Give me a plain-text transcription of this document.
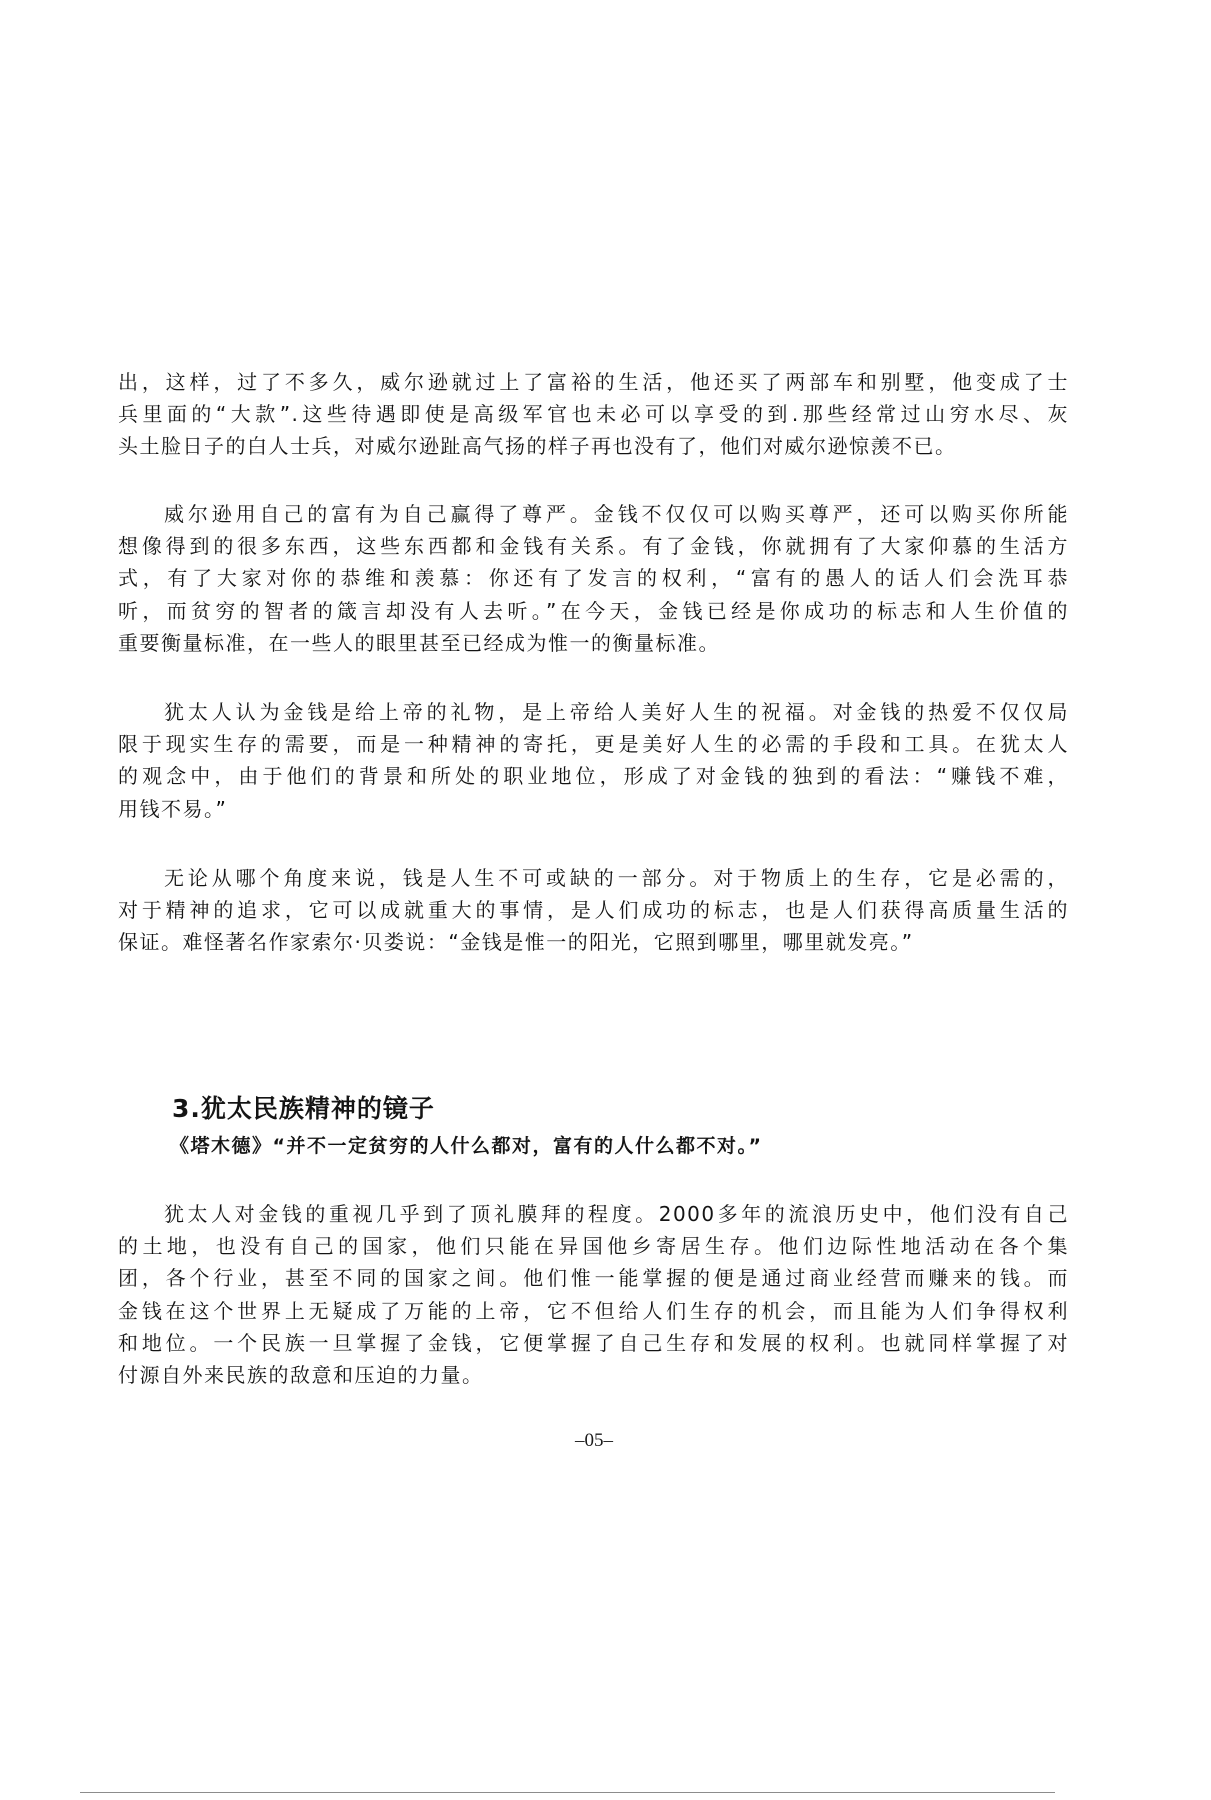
出，这样，过了不多久，威尔逊就过上了富裕的生活，他还买了两部车和别墅，他变成了士
兵里面的“大款”.这些待遇即使是高级军官也未必可以享受的到.那些经常过山穷水尽、灰
头土脸日子的白人士兵，对威尔逊趾高气扬的样子再也没有了，他们对威尔逊惊羡不已。
威尔逊用自己的富有为自己赢得了尊严。金钱不仅仅可以购买尊严，还可以购买你所能
想像得到的很多东西，这些东西都和金钱有关系。有了金钱，你就拥有了大家仰慕的生活方
式，有了大家对你的恭维和羡慕：你还有了发言的权利，“富有的愚人的话人们会洗耳恭
听，而贫穷的智者的箴言却没有人去听。”在今天，金钱已经是你成功的标志和人生价值的
重要衡量标准，在一些人的眼里甚至已经成为惟一的衡量标准。
犹太人认为金钱是给上帝的礼物，是上帝给人美好人生的祝福。对金钱的热爱不仅仅局
限于现实生存的需要，而是一种精神的寄托，更是美好人生的必需的手段和工具。在犹太人
的观念中，由于他们的背景和所处的职业地位，形成了对金钱的独到的看法：“赚钱不难，
用钱不易。”
无论从哪个角度来说，钱是人生不可或缺的一部分。对于物质上的生存，它是必需的，
对于精神的追求，它可以成就重大的事情，是人们成功的标志，也是人们获得高质量生活的
保证。难怪著名作家索尔·贝娄说：“金钱是惟一的阳光，它照到哪里，哪里就发亮。”
3.犹太民族精神的镜子
《塔木德》“并不一定贫穷的人什么都对，富有的人什么都不对。”
犹太人对金钱的重视几乎到了顶礼膜拜的程度。2000多年的流浪历史中，他们没有自己
的土地，也没有自己的国家，他们只能在异国他乡寄居生存。他们边际性地活动在各个集
团，各个行业，甚至不同的国家之间。他们惟一能掌握的便是通过商业经营而赚来的钱。而
金钱在这个世界上无疑成了万能的上帝，它不但给人们生存的机会，而且能为人们争得权利
和地位。一个民族一旦掌握了金钱，它便掌握了自己生存和发展的权利。也就同样掌握了对
付源自外来民族的敌意和压迫的力量。
–05–
